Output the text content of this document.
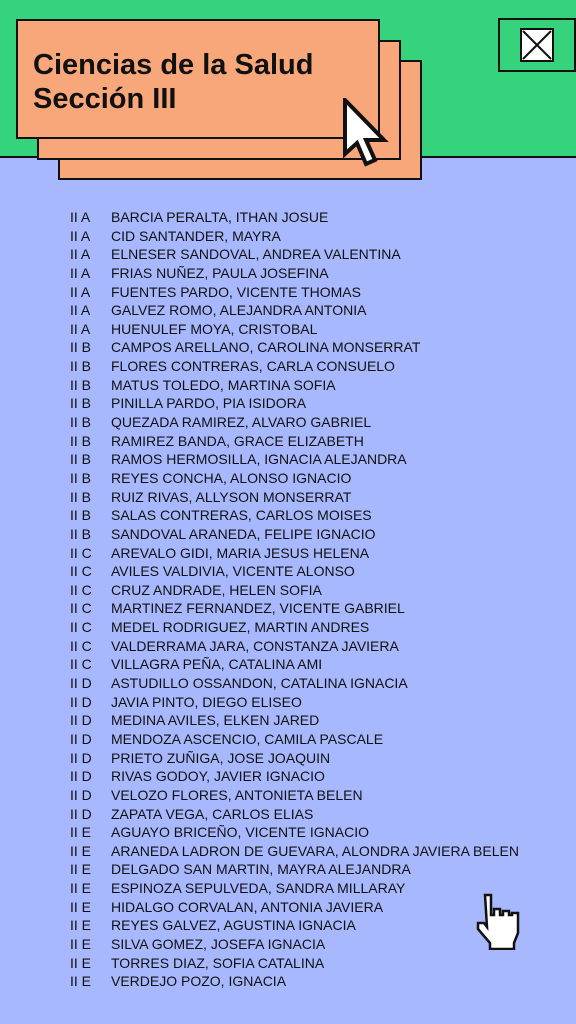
Ciencias de la Salud
Sección III
II A	BARCIA PERALTA, ITHAN JOSUE
II A	CID SANTANDER, MAYRA
II A	ELNESER SANDOVAL, ANDREA VALENTINA
II A	FRIAS NUÑEZ, PAULA JOSEFINA
II A	FUENTES PARDO, VICENTE THOMAS
II A	GALVEZ ROMO, ALEJANDRA ANTONIA
II A	HUENULEF MOYA, CRISTOBAL
II B	CAMPOS ARELLANO, CAROLINA MONSERRAT
II B	FLORES CONTRERAS, CARLA CONSUELO
II B	MATUS TOLEDO, MARTINA SOFIA
II B	PINILLA PARDO, PIA ISIDORA
II B	QUEZADA RAMIREZ, ALVARO GABRIEL
II B	RAMIREZ BANDA, GRACE ELIZABETH
II B	RAMOS HERMOSILLA, IGNACIA ALEJANDRA
II B	REYES CONCHA, ALONSO IGNACIO
II B	RUIZ RIVAS, ALLYSON MONSERRAT
II B	SALAS CONTRERAS, CARLOS MOISES
II B	SANDOVAL ARANEDA, FELIPE IGNACIO
II C	AREVALO GIDI, MARIA JESUS HELENA
II C	AVILES VALDIVIA, VICENTE ALONSO
II C	CRUZ ANDRADE, HELEN SOFIA
II C	MARTINEZ FERNANDEZ, VICENTE GABRIEL
II C	MEDEL RODRIGUEZ, MARTIN ANDRES
II C	VALDERRAMA JARA, CONSTANZA JAVIERA
II C	VILLAGRA PEÑA, CATALINA AMI
II D	ASTUDILLO OSSANDON, CATALINA IGNACIA
II D	JAVIA PINTO, DIEGO ELISEO
II D	MEDINA AVILES, ELKEN JARED
II D	MENDOZA ASCENCIO, CAMILA PASCALE
II D	PRIETO ZUÑIGA, JOSE JOAQUIN
II D	RIVAS GODOY, JAVIER IGNACIO
II D	VELOZO FLORES, ANTONIETA BELEN
II D	ZAPATA VEGA, CARLOS ELIAS
II E	AGUAYO BRICEÑO, VICENTE IGNACIO
II E	ARANEDA LADRON DE GUEVARA, ALONDRA JAVIERA BELEN
II E	DELGADO SAN MARTIN, MAYRA ALEJANDRA
II E	ESPINOZA SEPULVEDA, SANDRA MILLARAY
II E	HIDALGO CORVALAN, ANTONIA JAVIERA
II E	REYES GALVEZ, AGUSTINA IGNACIA
II E	SILVA GOMEZ, JOSEFA IGNACIA
II E	TORRES DIAZ, SOFIA CATALINA
II E	VERDEJO POZO, IGNACIA
